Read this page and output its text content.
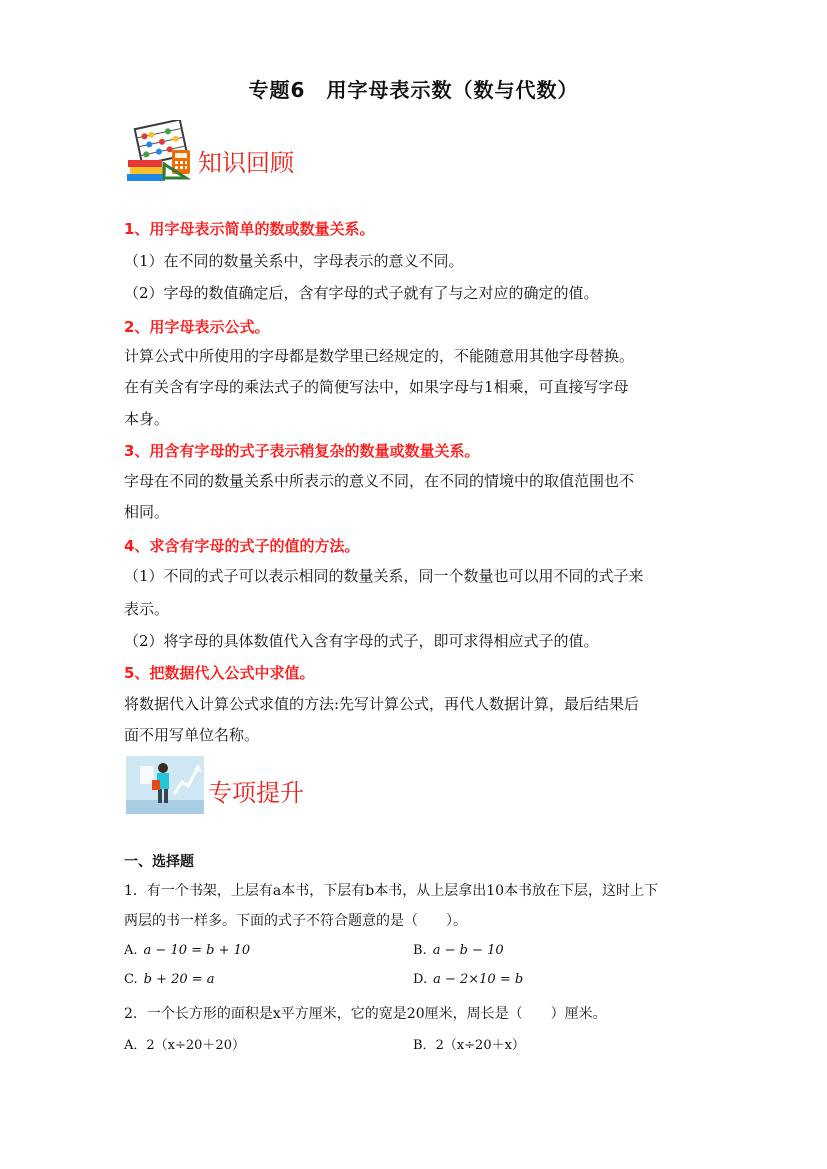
专题6　用字母表示数（数与代数）
知识回顾
1、用字母表示简单的数或数量关系。
（1）在不同的数量关系中，字母表示的意义不同。
（2）字母的数值确定后，含有字母的式子就有了与之对应的确定的值。
2、用字母表示公式。
计算公式中所使用的字母都是数学里已经规定的，不能随意用其他字母替换。
在有关含有字母的乘法式子的简便写法中，如果字母与1相乘，可直接写字母
本身。
3、用含有字母的式子表示稍复杂的数量或数量关系。
字母在不同的数量关系中所表示的意义不同，在不同的情境中的取值范围也不
相同。
4、求含有字母的式子的值的方法。
（1）不同的式子可以表示相同的数量关系，同一个数量也可以用不同的式子来
表示。
（2）将字母的具体数值代入含有字母的式子，即可求得相应式子的值。
5、把数据代入公式中求值。
将数据代入计算公式求值的方法:先写计算公式，再代人数据计算，最后结果后
面不用写单位名称。
专项提升
一、选择题
1．有一个书架，上层有a本书，下层有b本书，从上层拿出10本书放在下层，这时上下
两层的书一样多。下面的式子不符合题意的是（　　）。
A. a − 10 = b + 10	B. a − b − 10
C. b + 20 = a	D. a − 2×10 = b
2．一个长方形的面积是x平方厘米，它的宽是20厘米，周长是（　　）厘米。
A．2（x÷20＋20）	B．2（x÷20＋x）
